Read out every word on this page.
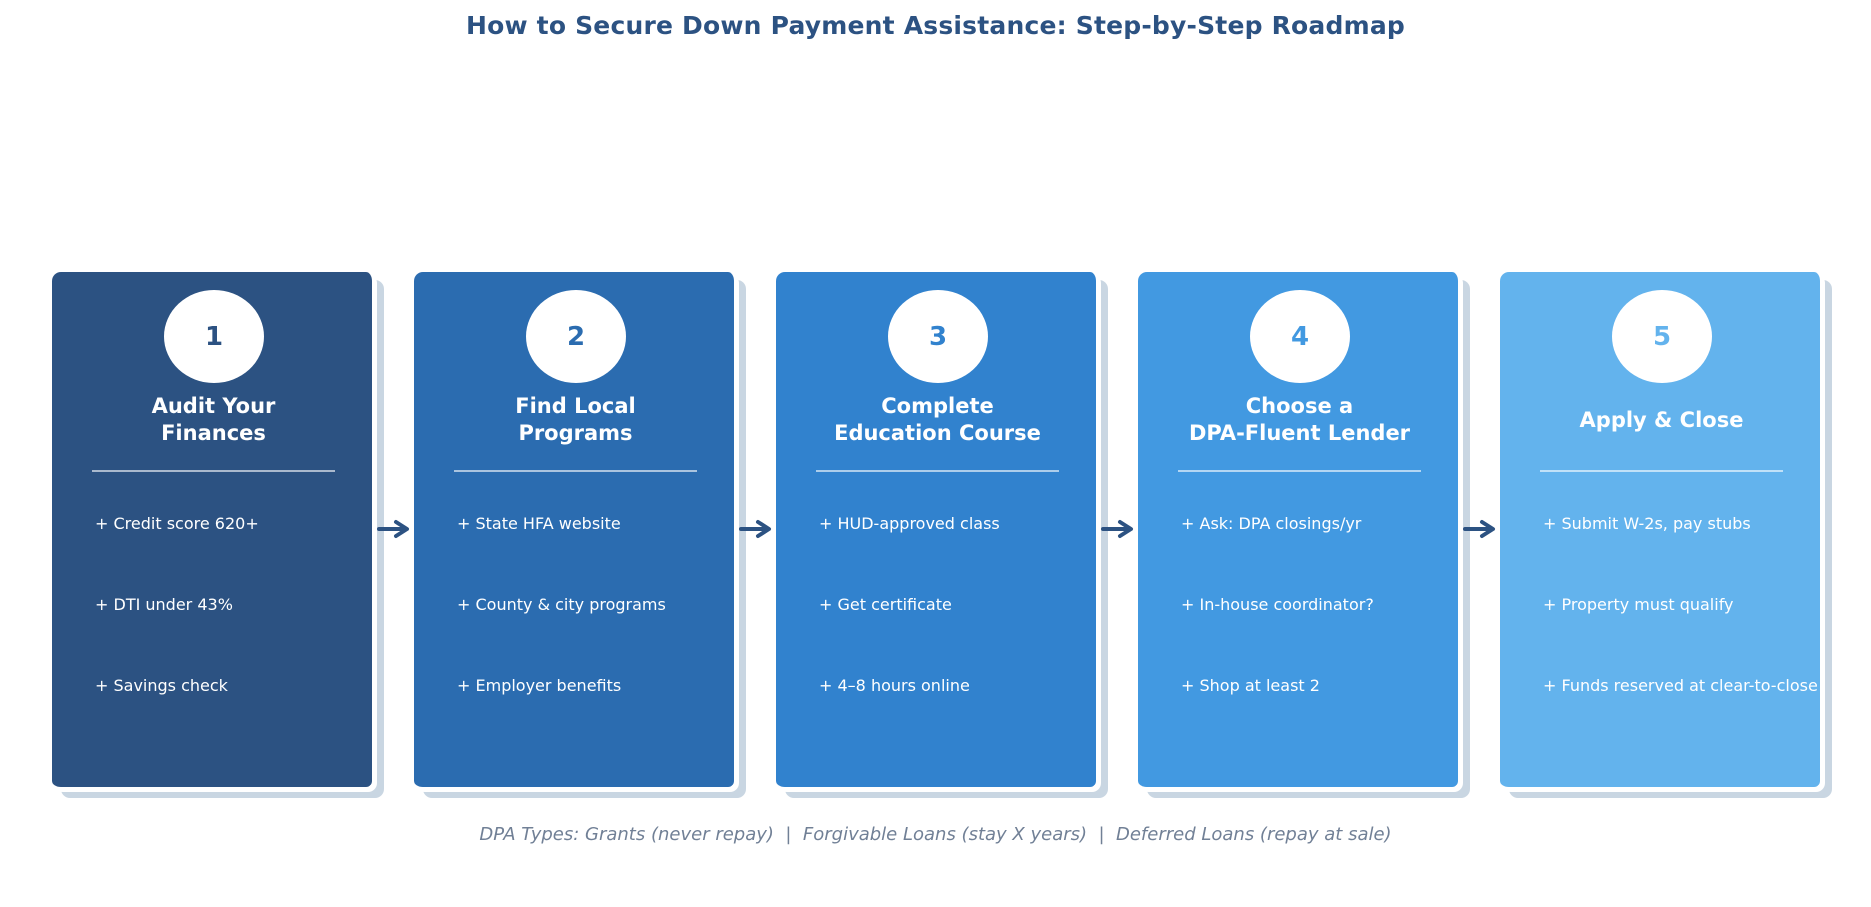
How to Secure Down Payment Assistance: Step-by-Step Roadmap
1
Audit Your
Finances
+ Credit score 620+
+ DTI under 43%
+ Savings check
2
Find Local
Programs
+ State HFA website
+ County & city programs
+ Employer benefits
3
Complete
Education Course
+ HUD-approved class
+ Get certificate
+ 4–8 hours online
4
Choose a
DPA-Fluent Lender
+ Ask: DPA closings/yr
+ In-house coordinator?
+ Shop at least 2
5
Apply & Close
+ Submit W-2s, pay stubs
+ Property must qualify
+ Funds reserved at clear-to-close
DPA Types: Grants (never repay)  |  Forgivable Loans (stay X years)  |  Deferred Loans (repay at sale)
